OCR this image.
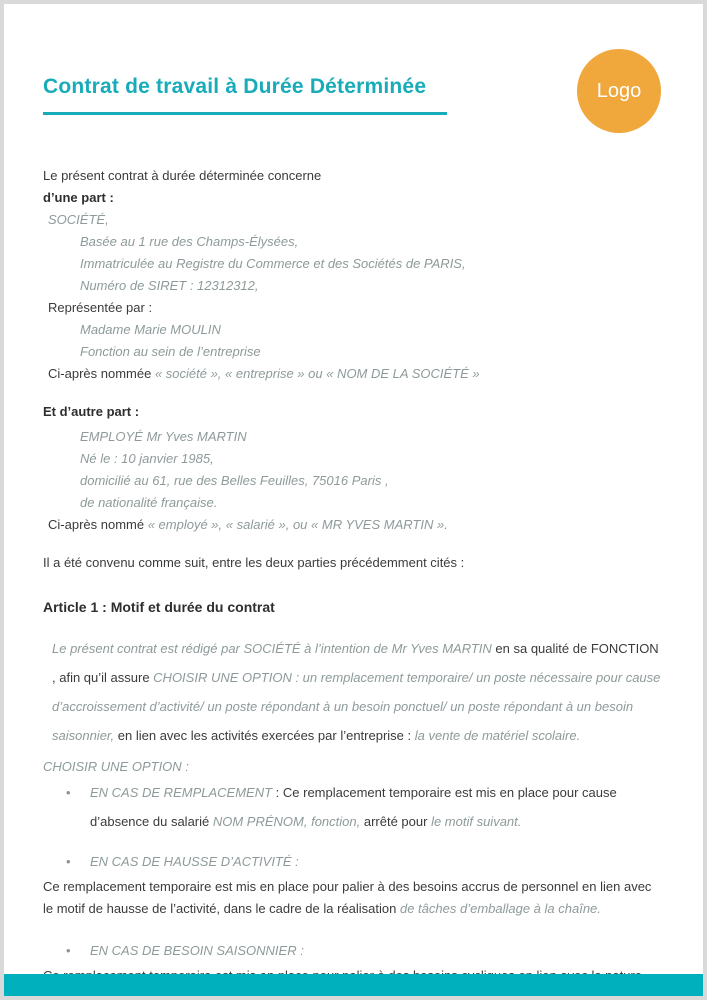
Logo
Contrat de travail à Durée Déterminée

Le présent contrat à durée déterminée concerne

d’une part :

SOCIÉTÉ,

Basée au 1 rue des Champs-Élysées,

Immatriculée au Registre du Commerce et des Sociétés de PARIS,

Numéro de SIRET : 12312312,

Représentée par :

Madame Marie MOULIN

Fonction au sein de l’entreprise

Ci-après nommée « société », « entreprise » ou « NOM DE LA SOCIÉTÉ »

Et d’autre part :

EMPLOYÉ Mr Yves MARTIN

Né le : 10 janvier 1985,

domicilié au 61, rue des Belles Feuilles, 75016 Paris ,

de nationalité française.

Ci-après nommé « employé », « salarié », ou « MR YVES MARTIN ».

Il a été convenu comme suit, entre les deux parties précédemment cités :

Article 1 : Motif et durée du contrat

Le présent contrat est rédigé par SOCIÉTÉ à l’intention de Mr Yves MARTIN en sa qualité de FONCTION , afin qu’il assure CHOISIR UNE OPTION : un remplacement temporaire/ un poste nécessaire pour cause d’accroissement d’activité/ un poste répondant à un besoin ponctuel/ un poste répondant à un besoin saisonnier, en lien avec les activités exercées par l’entreprise : la vente de matériel scolaire.

CHOISIR UNE OPTION :

• EN CAS DE REMPLACEMENT : Ce remplacement temporaire est mis en place pour cause d’absence du salarié NOM PRÉNOM, fonction, arrêté pour le motif suivant.

• EN CAS DE HAUSSE D’ACTIVITÉ :

Ce remplacement temporaire est mis en place pour palier à des besoins accrus de personnel en lien avec le motif de hausse de l’activité, dans le cadre de la réalisation de tâches d’emballage à la chaîne.

• EN CAS DE BESOIN SAISONNIER :
